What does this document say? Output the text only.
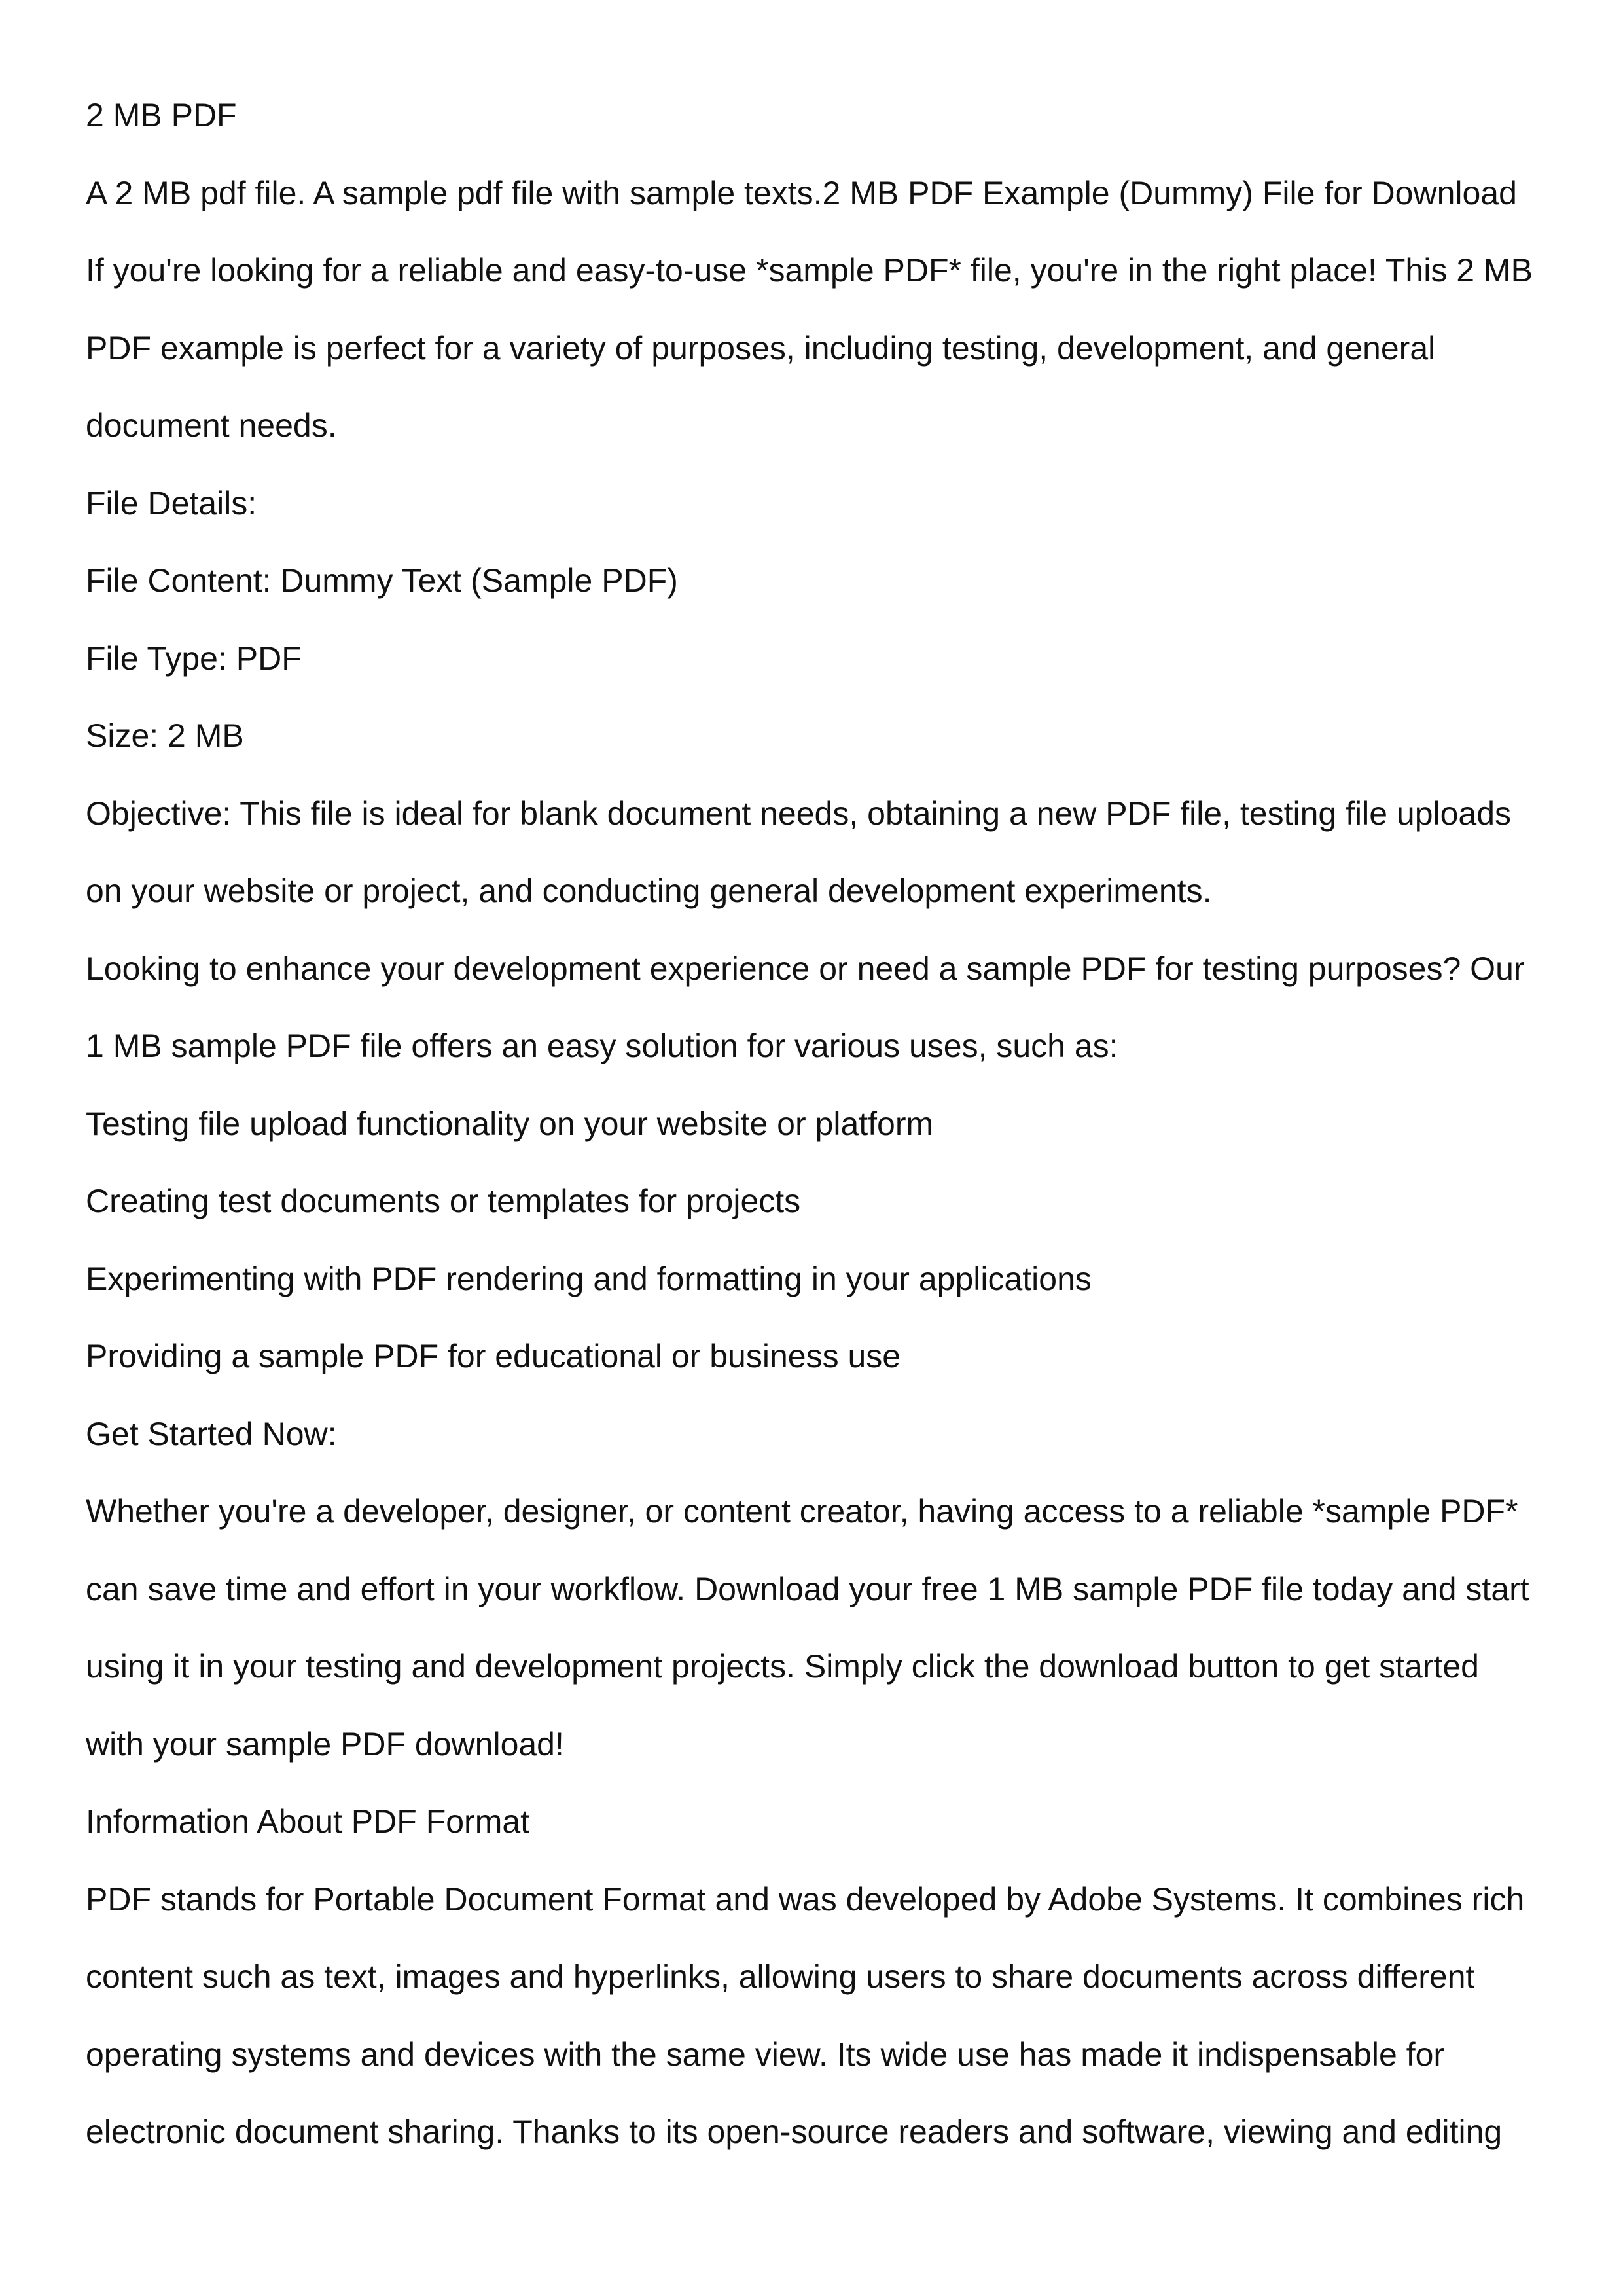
2 MB PDF

A 2 MB pdf file. A sample pdf file with sample texts.2 MB PDF Example (Dummy) File for Download

If you're looking for a reliable and easy-to-use *sample PDF* file, you're in the right place! This 2 MB

PDF example is perfect for a variety of purposes, including testing, development, and general

document needs.

File Details:

File Content: Dummy Text (Sample PDF)

File Type: PDF

Size: 2 MB

Objective: This file is ideal for blank document needs, obtaining a new PDF file, testing file uploads

on your website or project, and conducting general development experiments.

Looking to enhance your development experience or need a sample PDF for testing purposes? Our

1 MB sample PDF file offers an easy solution for various uses, such as:

Testing file upload functionality on your website or platform

Creating test documents or templates for projects

Experimenting with PDF rendering and formatting in your applications

Providing a sample PDF for educational or business use

Get Started Now:

Whether you're a developer, designer, or content creator, having access to a reliable *sample PDF*

can save time and effort in your workflow. Download your free 1 MB sample PDF file today and start

using it in your testing and development projects. Simply click the download button to get started

with your sample PDF download!

Information About PDF Format

PDF stands for Portable Document Format and was developed by Adobe Systems. It combines rich

content such as text, images and hyperlinks, allowing users to share documents across different

operating systems and devices with the same view. Its wide use has made it indispensable for

electronic document sharing. Thanks to its open-source readers and software, viewing and editing
